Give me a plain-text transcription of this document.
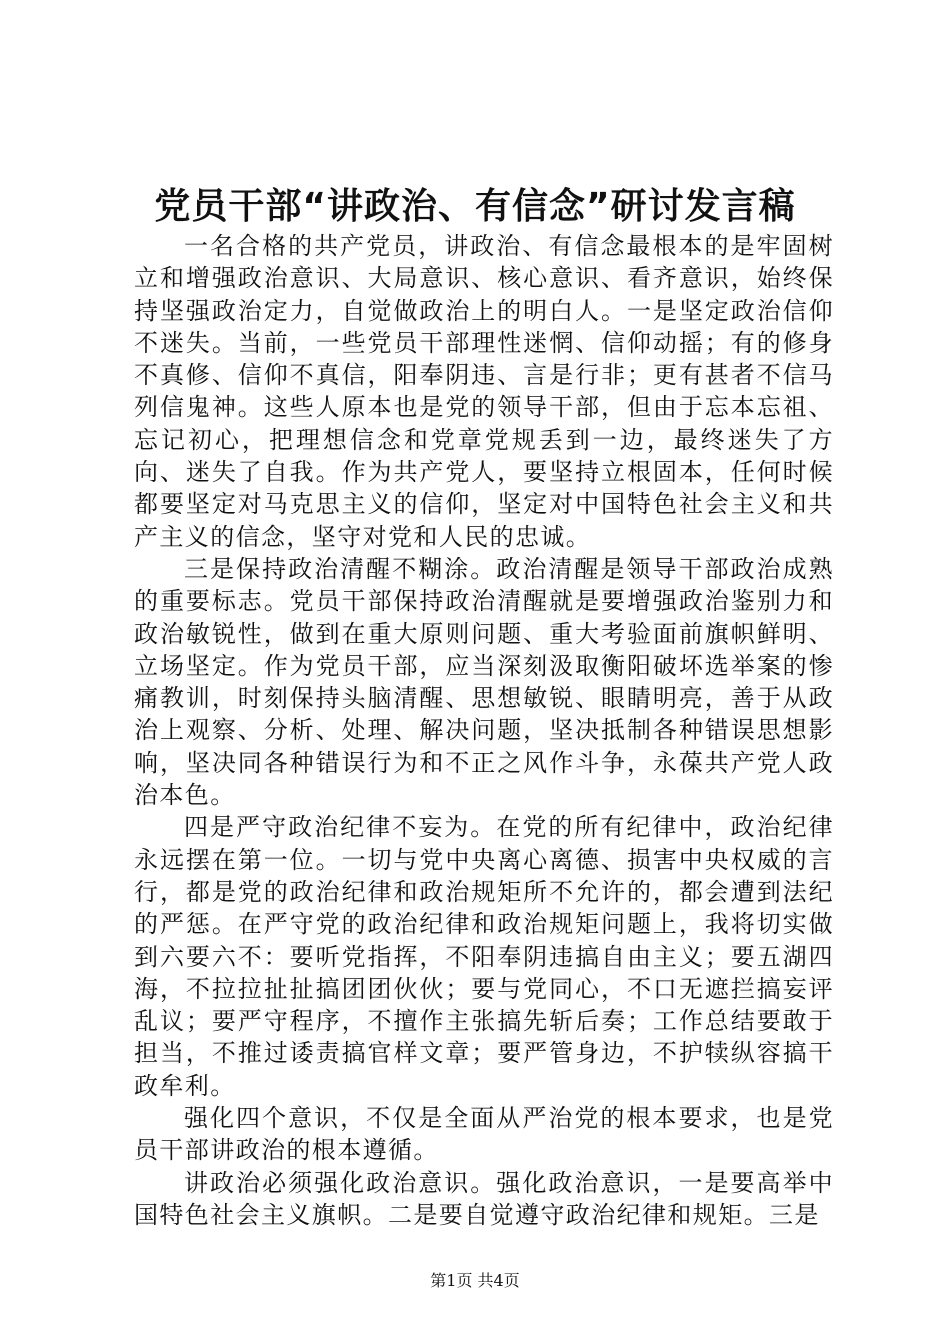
党员干部“讲政治、有信念”研讨发言稿

一名合格的共产党员，讲政治、有信念最根本的是牢固树立和增强政治意识、大局意识、核心意识、看齐意识，始终保持坚强政治定力，自觉做政治上的明白人。一是坚定政治信仰不迷失。当前，一些党员干部理性迷惘、信仰动摇；有的修身不真修、信仰不真信，阳奉阴违、言是行非；更有甚者不信马列信鬼神。这些人原本也是党的领导干部，但由于忘本忘祖、忘记初心，把理想信念和党章党规丢到一边，最终迷失了方向、迷失了自我。作为共产党人，要坚持立根固本，任何时候都要坚定对马克思主义的信仰，坚定对中国特色社会主义和共产主义的信念，坚守对党和人民的忠诚。

三是保持政治清醒不糊涂。政治清醒是领导干部政治成熟的重要标志。党员干部保持政治清醒就是要增强政治鉴别力和政治敏锐性，做到在重大原则问题、重大考验面前旗帜鲜明、立场坚定。作为党员干部，应当深刻汲取衡阳破坏选举案的惨痛教训，时刻保持头脑清醒、思想敏锐、眼睛明亮，善于从政治上观察、分析、处理、解决问题，坚决抵制各种错误思想影响，坚决同各种错误行为和不正之风作斗争，永葆共产党人政治本色。

四是严守政治纪律不妄为。在党的所有纪律中，政治纪律永远摆在第一位。一切与党中央离心离德、损害中央权威的言行，都是党的政治纪律和政治规矩所不允许的，都会遭到法纪的严惩。在严守党的政治纪律和政治规矩问题上，我将切实做到六要六不：要听党指挥，不阳奉阴违搞自由主义；要五湖四海，不拉拉扯扯搞团团伙伙；要与党同心，不口无遮拦搞妄评乱议；要严守程序，不擅作主张搞先斩后奏；工作总结要敢于担当，不推过诿责搞官样文章；要严管身边，不护犊纵容搞干政牟利。

强化四个意识，不仅是全面从严治党的根本要求，也是党员干部讲政治的根本遵循。

讲政治必须强化政治意识。强化政治意识，一是要高举中国特色社会主义旗帜。二是要自觉遵守政治纪律和规矩。三是

第1页 共4页
